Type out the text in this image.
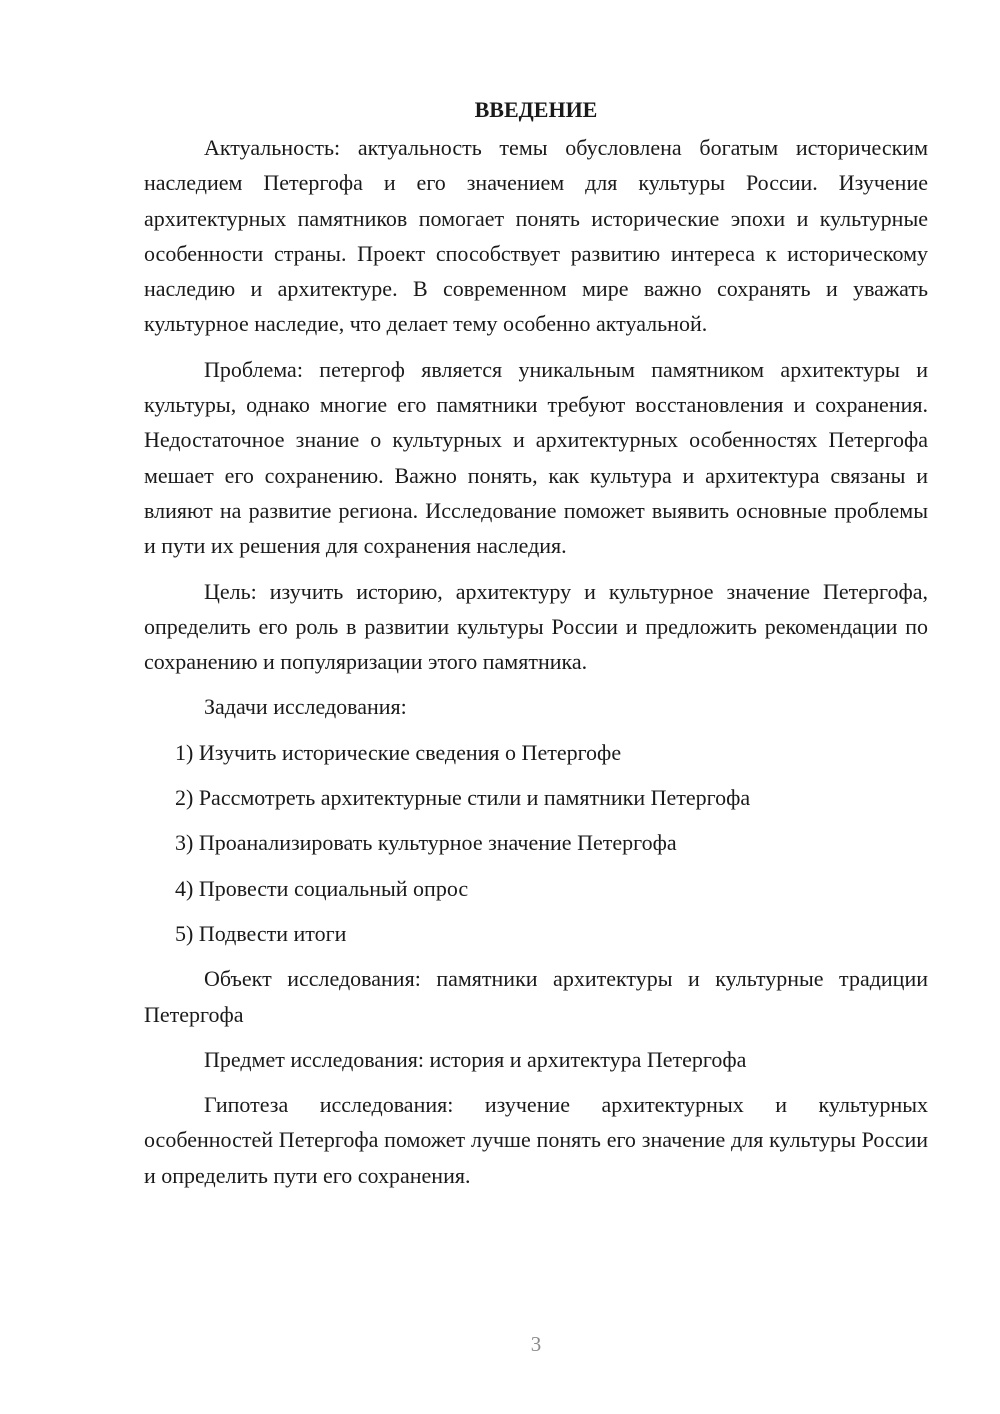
ВВЕДЕНИЕ

Актуальность: актуальность темы обусловлена богатым историческим наследием Петергофа и его значением для культуры России. Изучение архитектурных памятников помогает понять исторические эпохи и культурные особенности страны. Проект способствует развитию интереса к историческому наследию и архитектуре. В современном мире важно сохранять и уважать культурное наследие, что делает тему особенно актуальной.

Проблема: петергоф является уникальным памятником архитектуры и культуры, однако многие его памятники требуют восстановления и сохранения. Недостаточное знание о культурных и архитектурных особенностях Петергофа мешает его сохранению. Важно понять, как культура и архитектура связаны и влияют на развитие региона. Исследование поможет выявить основные проблемы и пути их решения для сохранения наследия.

Цель: изучить историю, архитектуру и культурное значение Петергофа, определить его роль в развитии культуры России и предложить рекомендации по сохранению и популяризации этого памятника.

Задачи исследования:

1) Изучить исторические сведения о Петергофе
2) Рассмотреть архитектурные стили и памятники Петергофа
3) Проанализировать культурное значение Петергофа
4) Провести социальный опрос
5) Подвести итоги

Объект исследования: памятники архитектуры и культурные традиции Петергофа

Предмет исследования: история и архитектура Петергофа

Гипотеза исследования: изучение архитектурных и культурных особенностей Петергофа поможет лучше понять его значение для культуры России и определить пути его сохранения.

3
